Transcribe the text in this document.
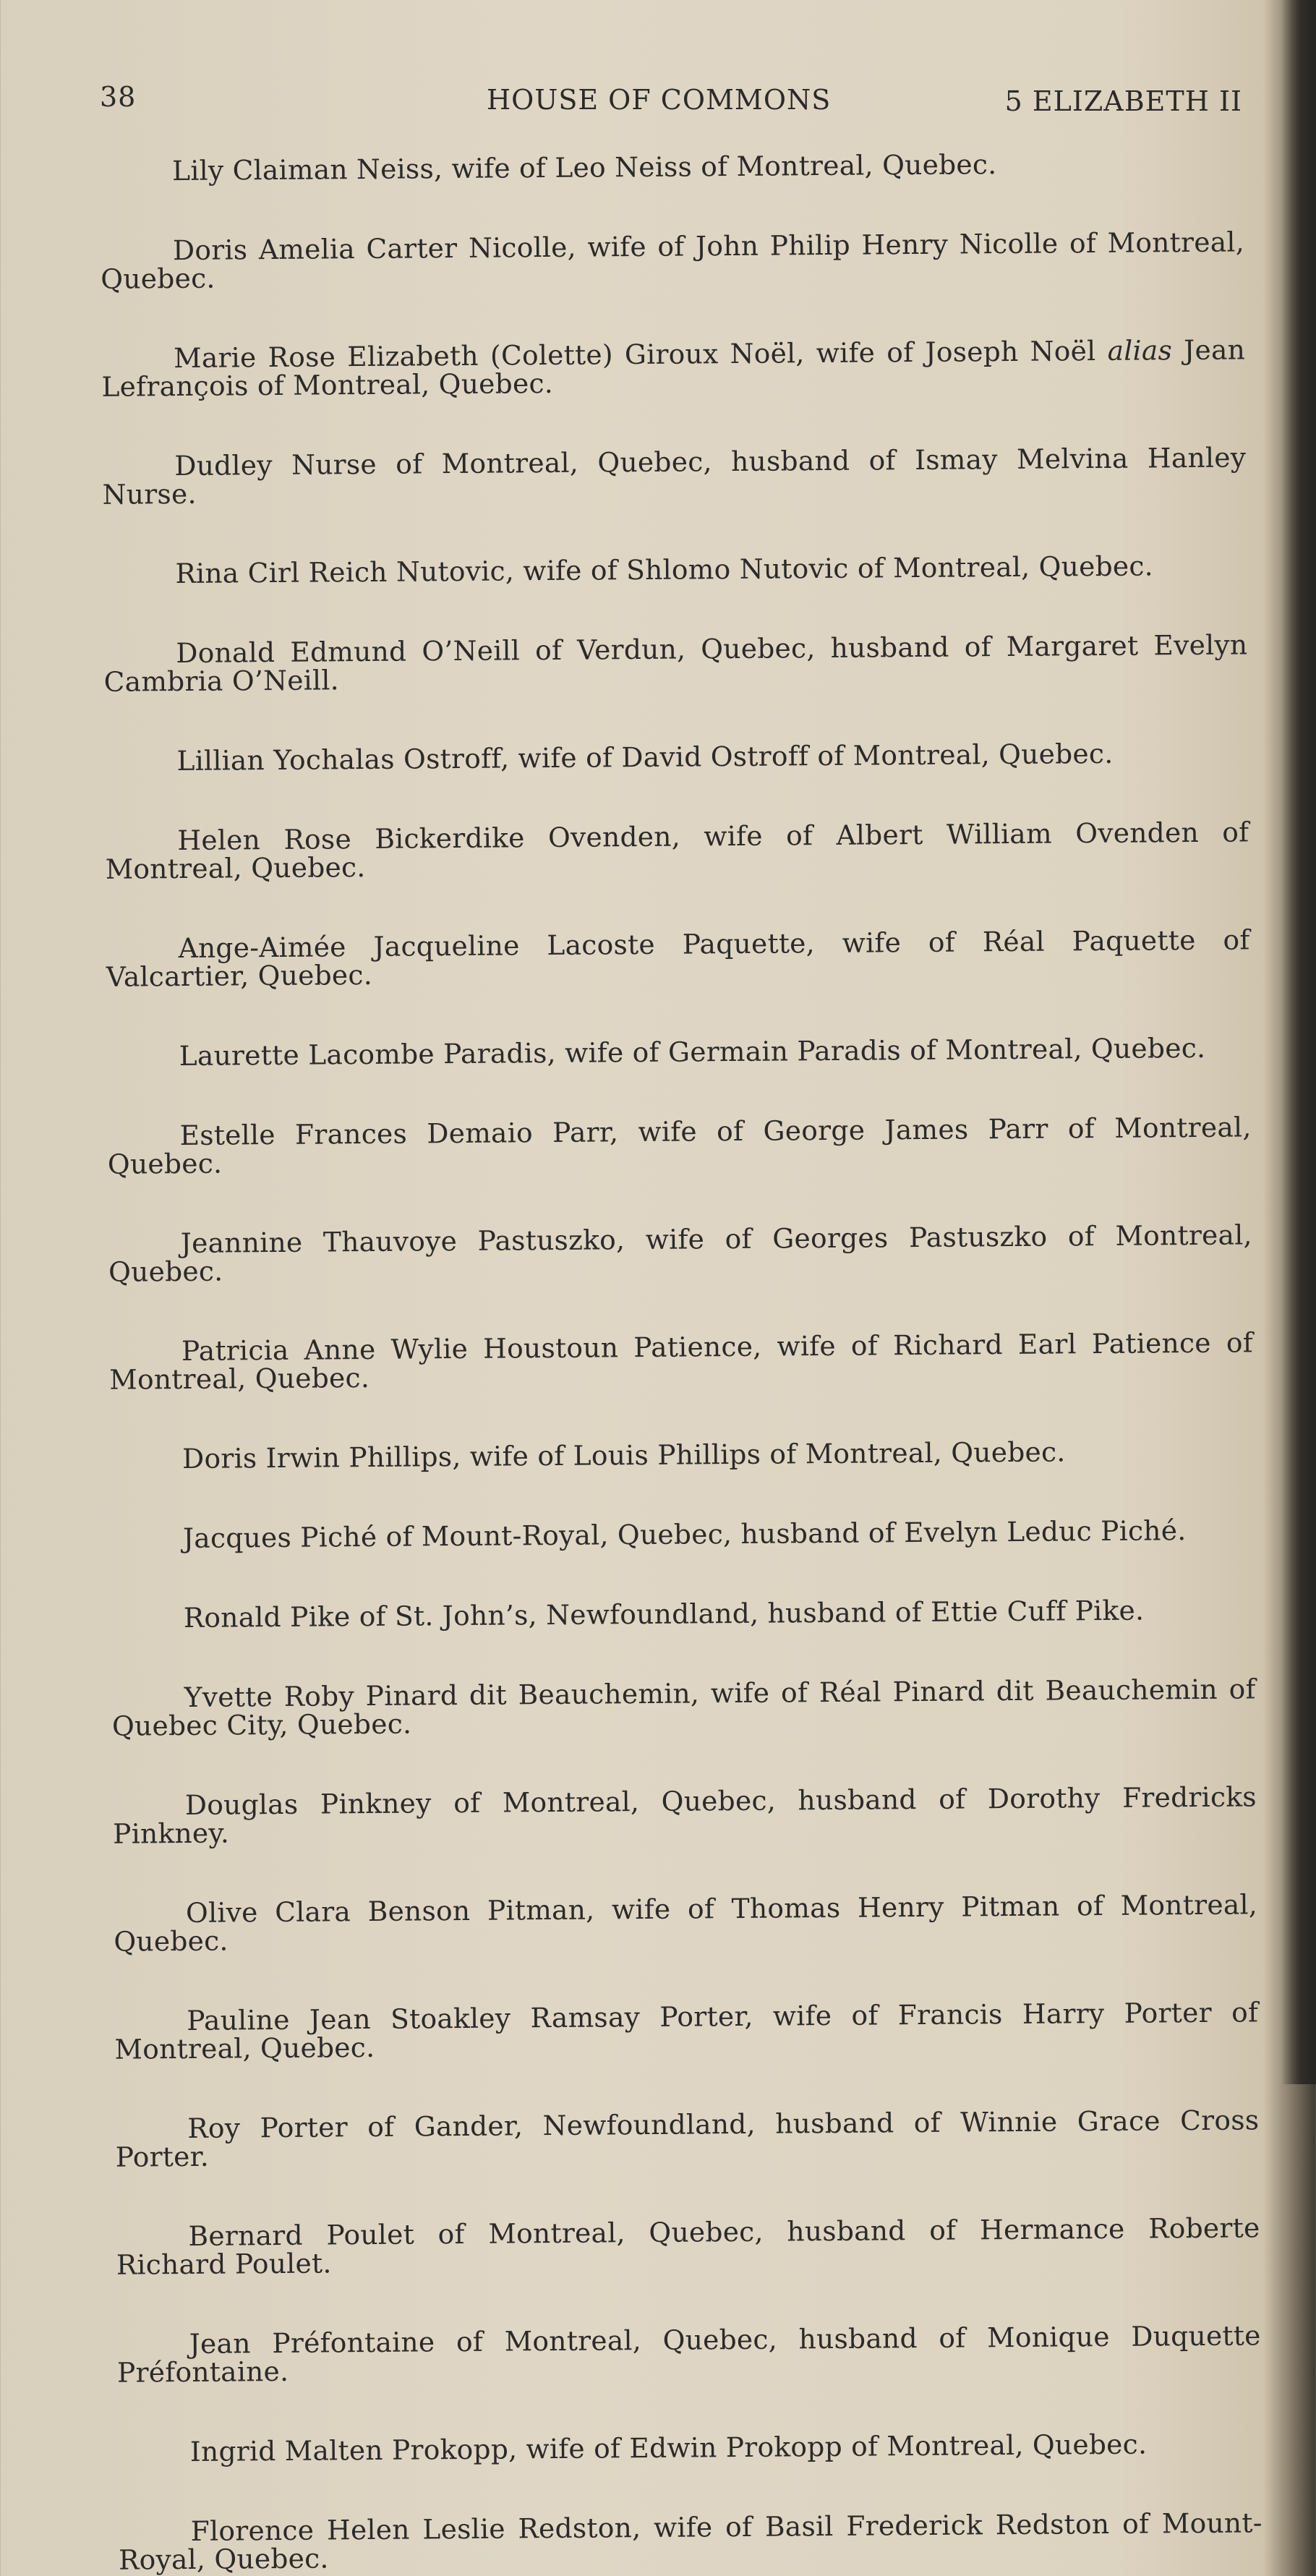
38	HOUSE OF COMMONS	5 ELIZABETH II

Lily Claiman Neiss, wife of Leo Neiss of Montreal, Quebec.

Doris Amelia Carter Nicolle, wife of John Philip Henry Nicolle of Montreal, Quebec.

Marie Rose Elizabeth (Colette) Giroux Noël, wife of Joseph Noël alias Jean Lefrançois of Montreal, Quebec.

Dudley Nurse of Montreal, Quebec, husband of Ismay Melvina Hanley Nurse.

Rina Cirl Reich Nutovic, wife of Shlomo Nutovic of Montreal, Quebec.

Donald Edmund O’Neill of Verdun, Quebec, husband of Margaret Evelyn Cambria O’Neill.

Lillian Yochalas Ostroff, wife of David Ostroff of Montreal, Quebec.

Helen Rose Bickerdike Ovenden, wife of Albert William Ovenden of Montreal, Quebec.

Ange-Aimée Jacqueline Lacoste Paquette, wife of Réal Paquette of Valcartier, Quebec.

Laurette Lacombe Paradis, wife of Germain Paradis of Montreal, Quebec.

Estelle Frances Demaio Parr, wife of George James Parr of Montreal, Quebec.

Jeannine Thauvoye Pastuszko, wife of Georges Pastuszko of Montreal, Quebec.

Patricia Anne Wylie Houstoun Patience, wife of Richard Earl Patience of Montreal, Quebec.

Doris Irwin Phillips, wife of Louis Phillips of Montreal, Quebec.

Jacques Piché of Mount-Royal, Quebec, husband of Evelyn Leduc Piché.

Ronald Pike of St. John’s, Newfoundland, husband of Ettie Cuff Pike.

Yvette Roby Pinard dit Beauchemin, wife of Réal Pinard dit Beauchemin of Quebec City, Quebec.

Douglas Pinkney of Montreal, Quebec, husband of Dorothy Fredricks Pinkney.

Olive Clara Benson Pitman, wife of Thomas Henry Pitman of Montreal, Quebec.

Pauline Jean Stoakley Ramsay Porter, wife of Francis Harry Porter of Montreal, Quebec.

Roy Porter of Gander, Newfoundland, husband of Winnie Grace Cross Porter.

Bernard Poulet of Montreal, Quebec, husband of Hermance Roberte Richard Poulet.

Jean Préfontaine of Montreal, Quebec, husband of Monique Duquette Préfontaine.

Ingrid Malten Prokopp, wife of Edwin Prokopp of Montreal, Quebec.

Florence Helen Leslie Redston, wife of Basil Frederick Redston of Mount-Royal, Quebec.
